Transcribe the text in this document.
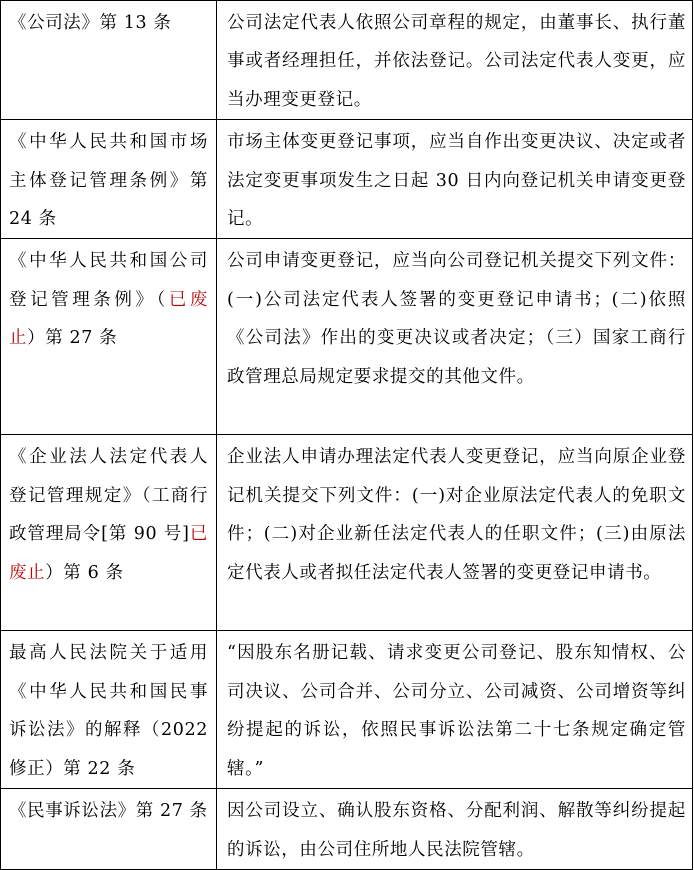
《公司法》第 13 条	公司法定代表人依照公司章程的规定，由董事长、执行董事或者经理担任，并依法登记。公司法定代表人变更，应当办理变更登记。
《中华人民共和国市场主体登记管理条例》第 24 条	市场主体变更登记事项，应当自作出变更决议、决定或者法定变更事项发生之日起 30 日内向登记机关申请变更登记。
《中华人民共和国公司登记管理条例》（已废止）第 27 条	公司申请变更登记，应当向公司登记机关提交下列文件：(一)公司法定代表人签署的变更登记申请书；(二)依照《公司法》作出的变更决议或者决定；（三）国家工商行政管理总局规定要求提交的其他文件。
《企业法人法定代表人登记管理规定》（工商行政管理局令[第 90 号]已废止）第 6 条	企业法人申请办理法定代表人变更登记，应当向原企业登记机关提交下列文件：(一)对企业原法定代表人的免职文件；(二)对企业新任法定代表人的任职文件；(三)由原法定代表人或者拟任法定代表人签署的变更登记申请书。
最高人民法院关于适用《中华人民共和国民事诉讼法》的解释（2022 修正）第 22 条	“因股东名册记载、请求变更公司登记、股东知情权、公司决议、公司合并、公司分立、公司减资、公司增资等纠纷提起的诉讼，依照民事诉讼法第二十七条规定确定管辖。”
《民事诉讼法》第 27 条	因公司设立、确认股东资格、分配利润、解散等纠纷提起的诉讼，由公司住所地人民法院管辖。
